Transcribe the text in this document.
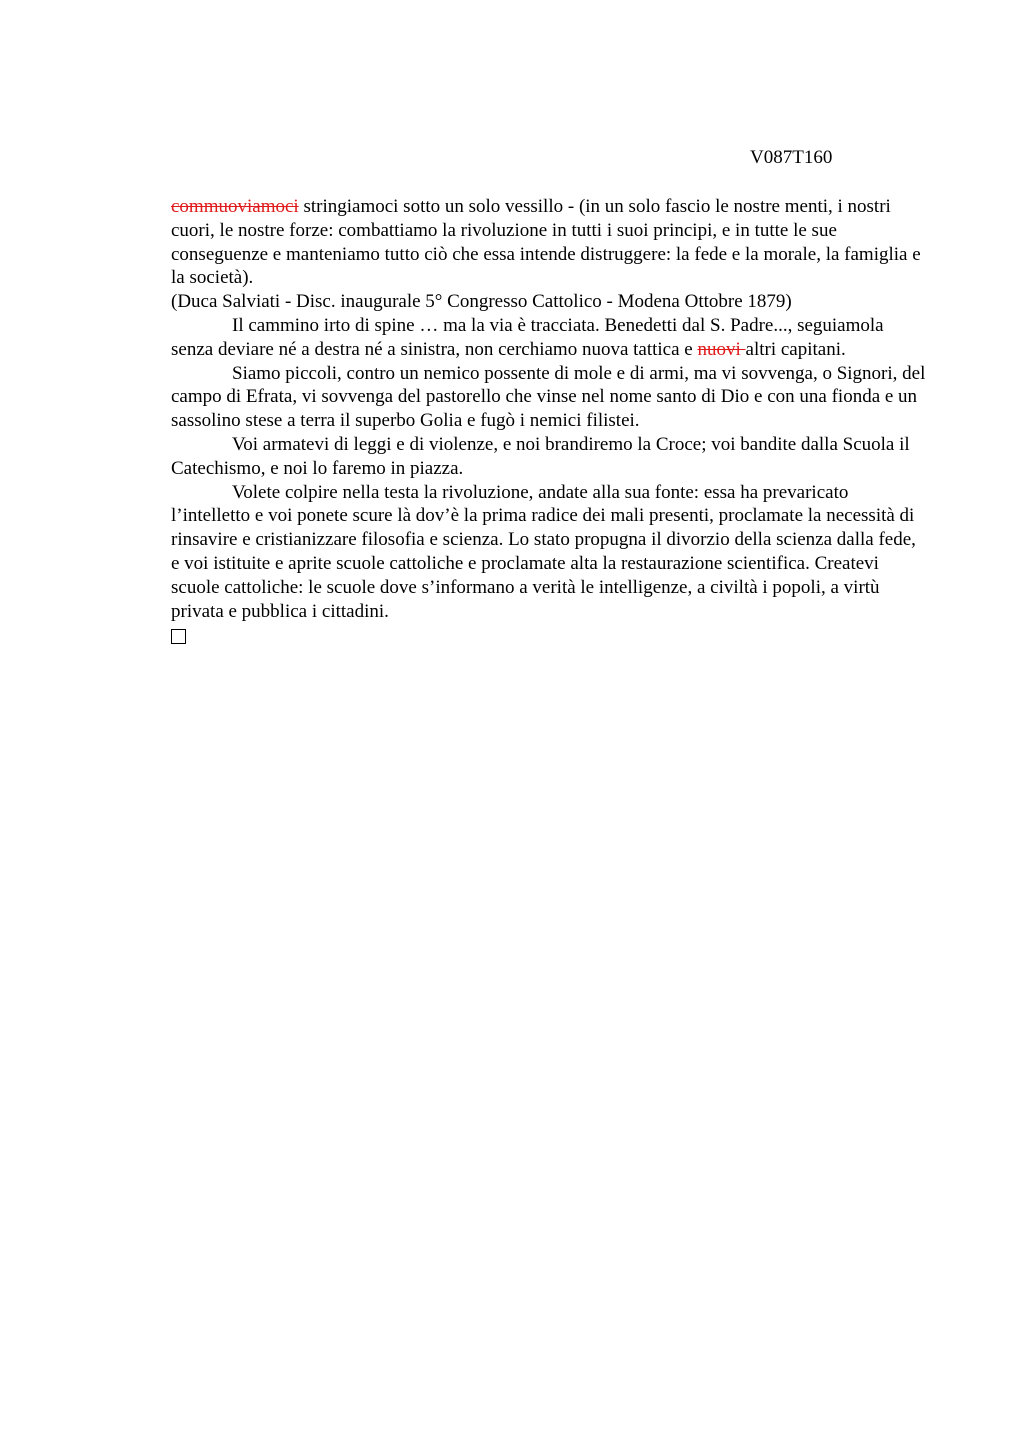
V087T160

commuoviamoci stringiamoci sotto un solo vessillo - (in un solo fascio le nostre menti, i nostri cuori, le nostre forze: combattiamo la rivoluzione in tutti i suoi principi, e in tutte le sue conseguenze e manteniamo tutto ciò che essa intende distruggere: la fede e la morale, la famiglia e la società).

(Duca Salviati - Disc. inaugurale 5° Congresso Cattolico - Modena Ottobre 1879)

Il cammino irto di spine … ma la via è tracciata. Benedetti dal S. Padre..., seguiamola senza deviare né a destra né a sinistra, non cerchiamo nuova tattica e nuovi altri capitani.

Siamo piccoli, contro un nemico possente di mole e di armi, ma vi sovvenga, o Signori, del campo di Efrata, vi sovvenga del pastorello che vinse nel nome santo di Dio e con una fionda e un sassolino stese a terra il superbo Golia e fugò i nemici filistei.

Voi armatevi di leggi e di violenze, e noi brandiremo la Croce; voi bandite dalla Scuola il Catechismo, e noi lo faremo in piazza.

Volete colpire nella testa la rivoluzione, andate alla sua fonte: essa ha prevaricato l’intelletto e voi ponete scure là dov’è la prima radice dei mali presenti, proclamate la necessità di rinsavire e cristianizzare filosofia e scienza. Lo stato propugna il divorzio della scienza dalla fede, e voi istituite e aprite scuole cattoliche e proclamate alta la restaurazione scientifica. Createvi scuole cattoliche: le scuole dove s’informano a verità le intelligenze, a civiltà i popoli, a virtù privata e pubblica i cittadini.
